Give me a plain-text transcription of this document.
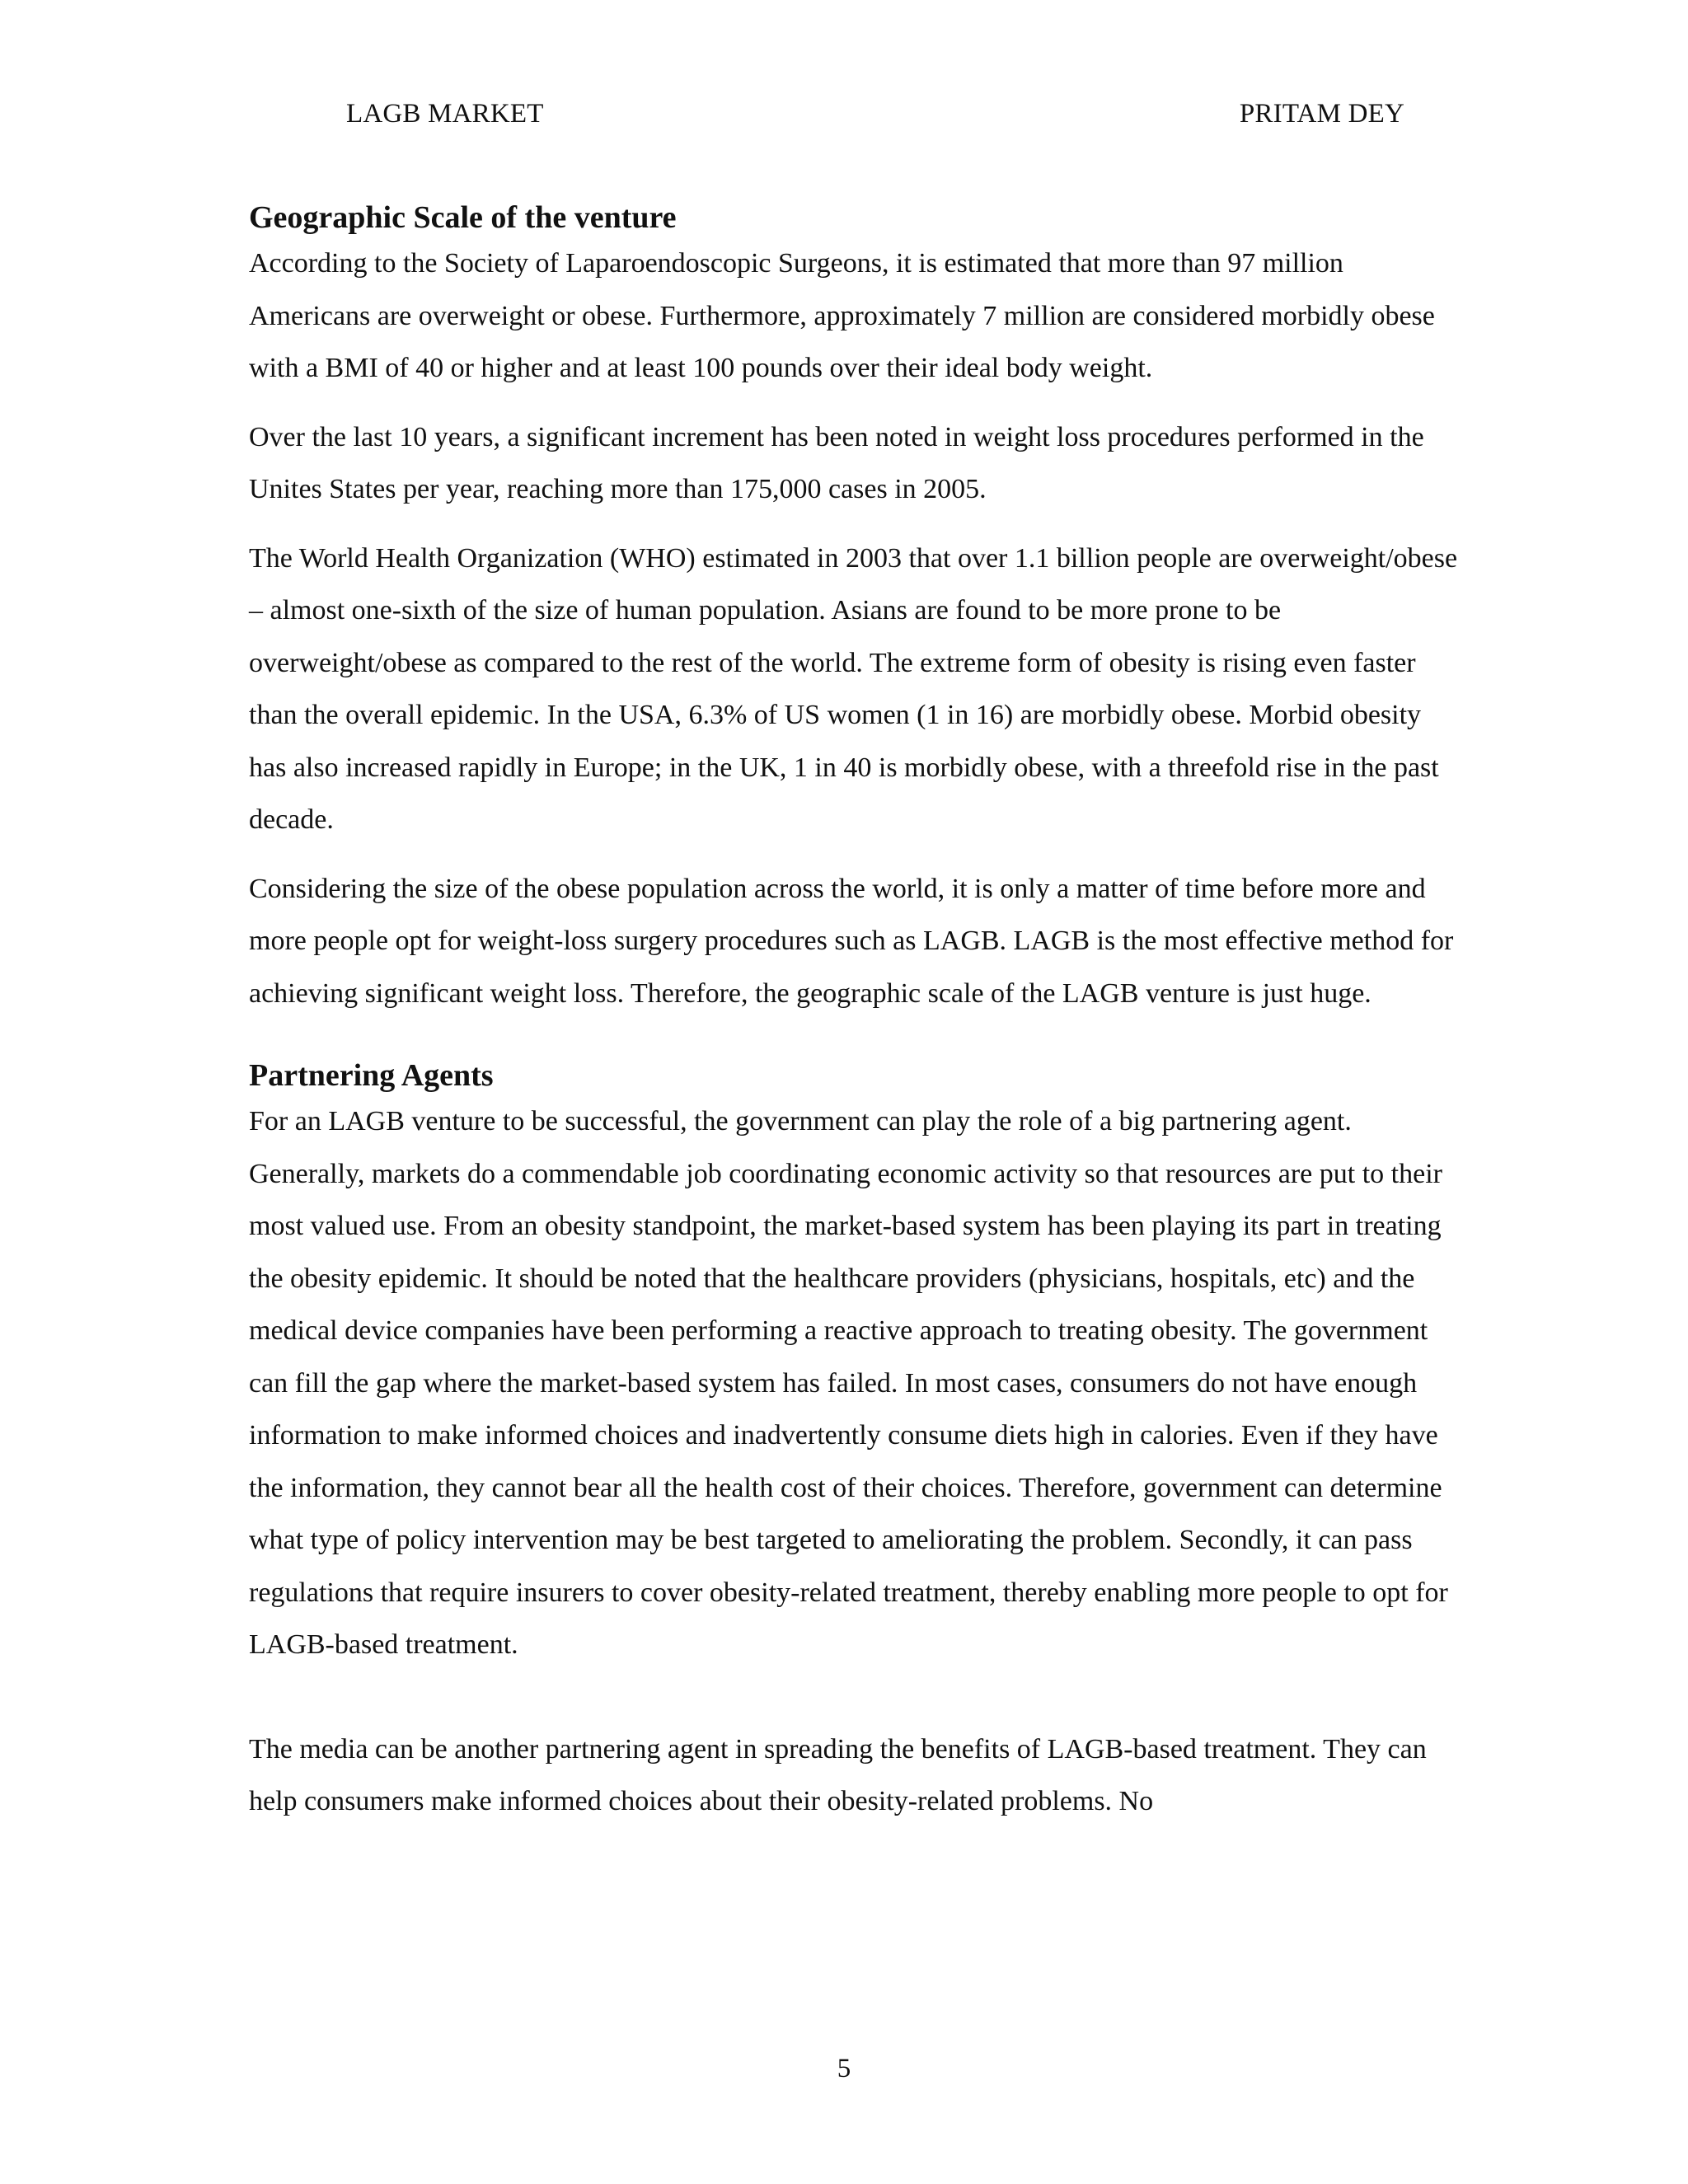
LAGB MARKET	PRITAM DEY
Geographic Scale of the venture

According to the Society of Laparoendoscopic Surgeons, it is estimated that more than 97 million Americans are overweight or obese. Furthermore, approximately 7 million are considered morbidly obese with a BMI of 40 or higher and at least 100 pounds over their ideal body weight.

Over the last 10 years, a significant increment has been noted in weight loss procedures performed in the Unites States per year, reaching more than 175,000 cases in 2005.

The World Health Organization (WHO) estimated in 2003 that over 1.1 billion people are overweight/obese – almost one-sixth of the size of human population. Asians are found to be more prone to be overweight/obese as compared to the rest of the world. The extreme form of obesity is rising even faster than the overall epidemic. In the USA, 6.3% of US women (1 in 16) are morbidly obese. Morbid obesity has also increased rapidly in Europe; in the UK, 1 in 40 is morbidly obese, with a threefold rise in the past decade.

Considering the size of the obese population across the world, it is only a matter of time before more and more people opt for weight-loss surgery procedures such as LAGB. LAGB is the most effective method for achieving significant weight loss. Therefore, the geographic scale of the LAGB venture is just huge.

Partnering Agents

For an LAGB venture to be successful, the government can play the role of a big partnering agent. Generally, markets do a commendable job coordinating economic activity so that resources are put to their most valued use. From an obesity standpoint, the market-based system has been playing its part in treating the obesity epidemic. It should be noted that the healthcare providers (physicians, hospitals, etc) and the medical device companies have been performing a reactive approach to treating obesity. The government can fill the gap where the market-based system has failed. In most cases, consumers do not have enough information to make informed choices and inadvertently consume diets high in calories. Even if they have the information, they cannot bear all the health cost of their choices. Therefore, government can determine what type of policy intervention may be best targeted to ameliorating the problem. Secondly, it can pass regulations that require insurers to cover obesity-related treatment, thereby enabling more people to opt for LAGB-based treatment.

The media can be another partnering agent in spreading the benefits of LAGB-based treatment. They can help consumers make informed choices about their obesity-related problems. No

5
